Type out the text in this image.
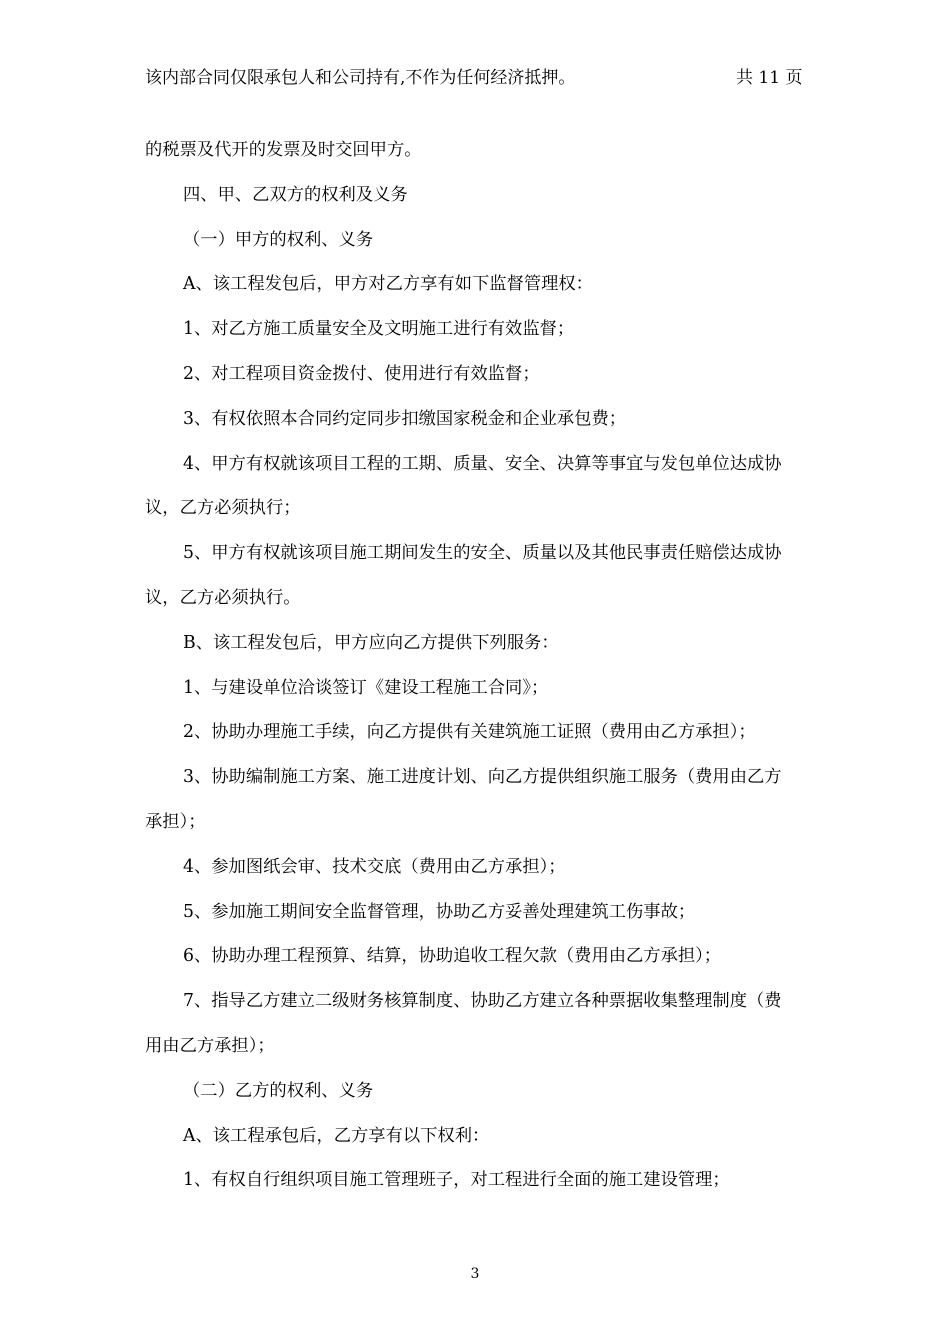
该内部合同仅限承包人和公司持有,不作为任何经济抵押。	共 11 页
的税票及代开的发票及时交回甲方。
四、甲、乙双方的权利及义务
（一）甲方的权利、义务
A、该工程发包后，甲方对乙方享有如下监督管理权：
1、对乙方施工质量安全及文明施工进行有效监督；
2、对工程项目资金拨付、使用进行有效监督；
3、有权依照本合同约定同步扣缴国家税金和企业承包费；
4、甲方有权就该项目工程的工期、质量、安全、决算等事宜与发包单位达成协
议，乙方必须执行；
5、甲方有权就该项目施工期间发生的安全、质量以及其他民事责任赔偿达成协
议，乙方必须执行。
B、该工程发包后，甲方应向乙方提供下列服务：
1、与建设单位洽谈签订《建设工程施工合同》；
2、协助办理施工手续，向乙方提供有关建筑施工证照（费用由乙方承担）；
3、协助编制施工方案、施工进度计划、向乙方提供组织施工服务（费用由乙方
承担）；
4、参加图纸会审、技术交底（费用由乙方承担）；
5、参加施工期间安全监督管理，协助乙方妥善处理建筑工伤事故；
6、协助办理工程预算、结算，协助追收工程欠款（费用由乙方承担）；
7、指导乙方建立二级财务核算制度、协助乙方建立各种票据收集整理制度（费
用由乙方承担）；
（二）乙方的权利、义务
A、该工程承包后，乙方享有以下权利：
1、有权自行组织项目施工管理班子，对工程进行全面的施工建设管理；
3
